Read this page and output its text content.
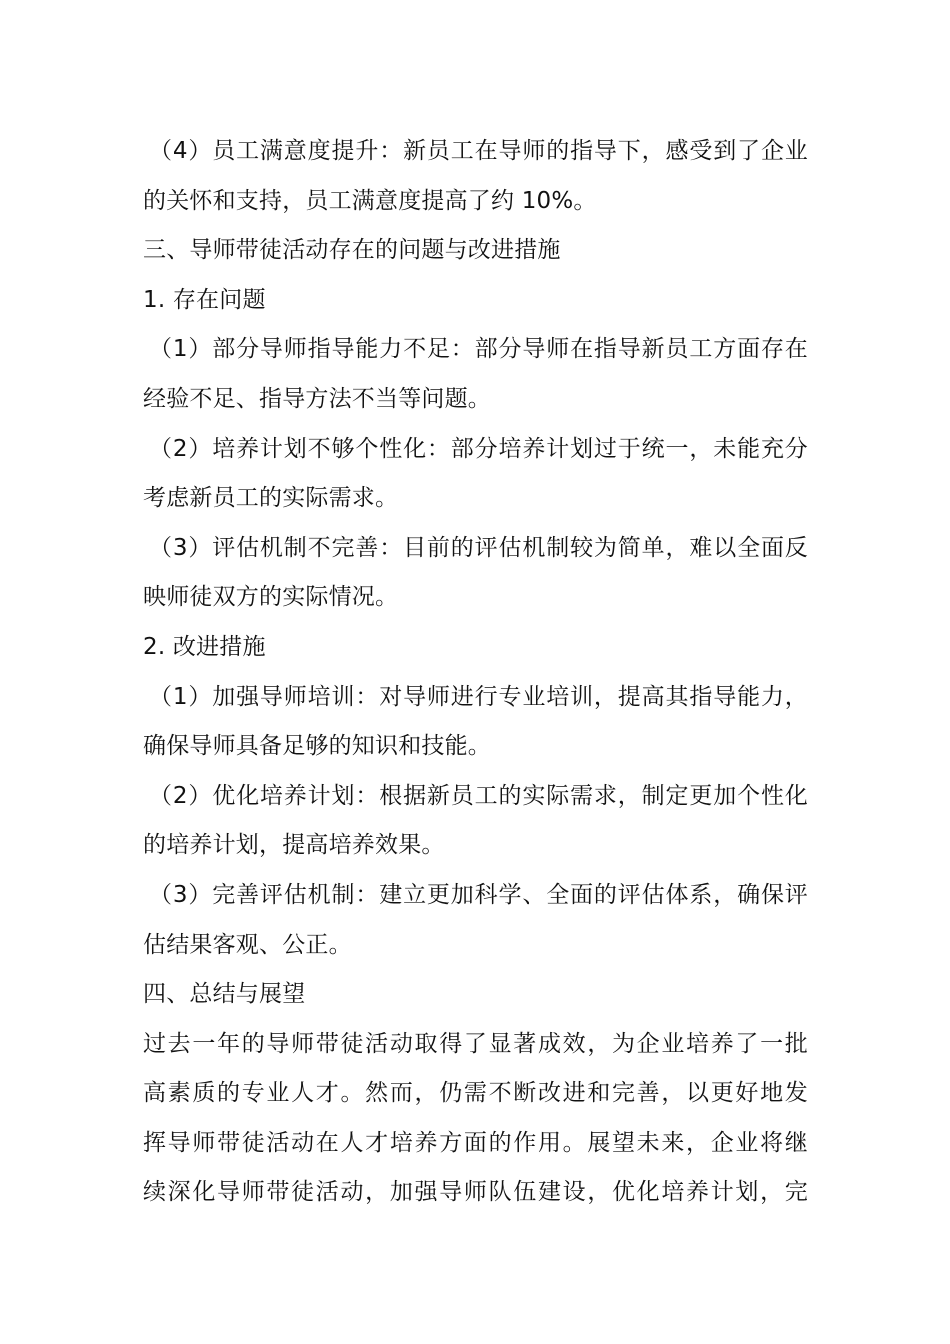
（4）员工满意度提升：新员工在导师的指导下，感受到了企业
的关怀和支持，员工满意度提高了约 10%。
三、导师带徒活动存在的问题与改进措施
1. 存在问题
（1）部分导师指导能力不足：部分导师在指导新员工方面存在
经验不足、指导方法不当等问题。
（2）培养计划不够个性化：部分培养计划过于统一，未能充分
考虑新员工的实际需求。
（3）评估机制不完善：目前的评估机制较为简单，难以全面反
映师徒双方的实际情况。
2. 改进措施
（1）加强导师培训：对导师进行专业培训，提高其指导能力，
确保导师具备足够的知识和技能。
（2）优化培养计划：根据新员工的实际需求，制定更加个性化
的培养计划，提高培养效果。
（3）完善评估机制：建立更加科学、全面的评估体系，确保评
估结果客观、公正。
四、总结与展望
过去一年的导师带徒活动取得了显著成效，为企业培养了一批
高素质的专业人才。然而，仍需不断改进和完善，以更好地发
挥导师带徒活动在人才培养方面的作用。展望未来，企业将继
续深化导师带徒活动，加强导师队伍建设，优化培养计划，完
